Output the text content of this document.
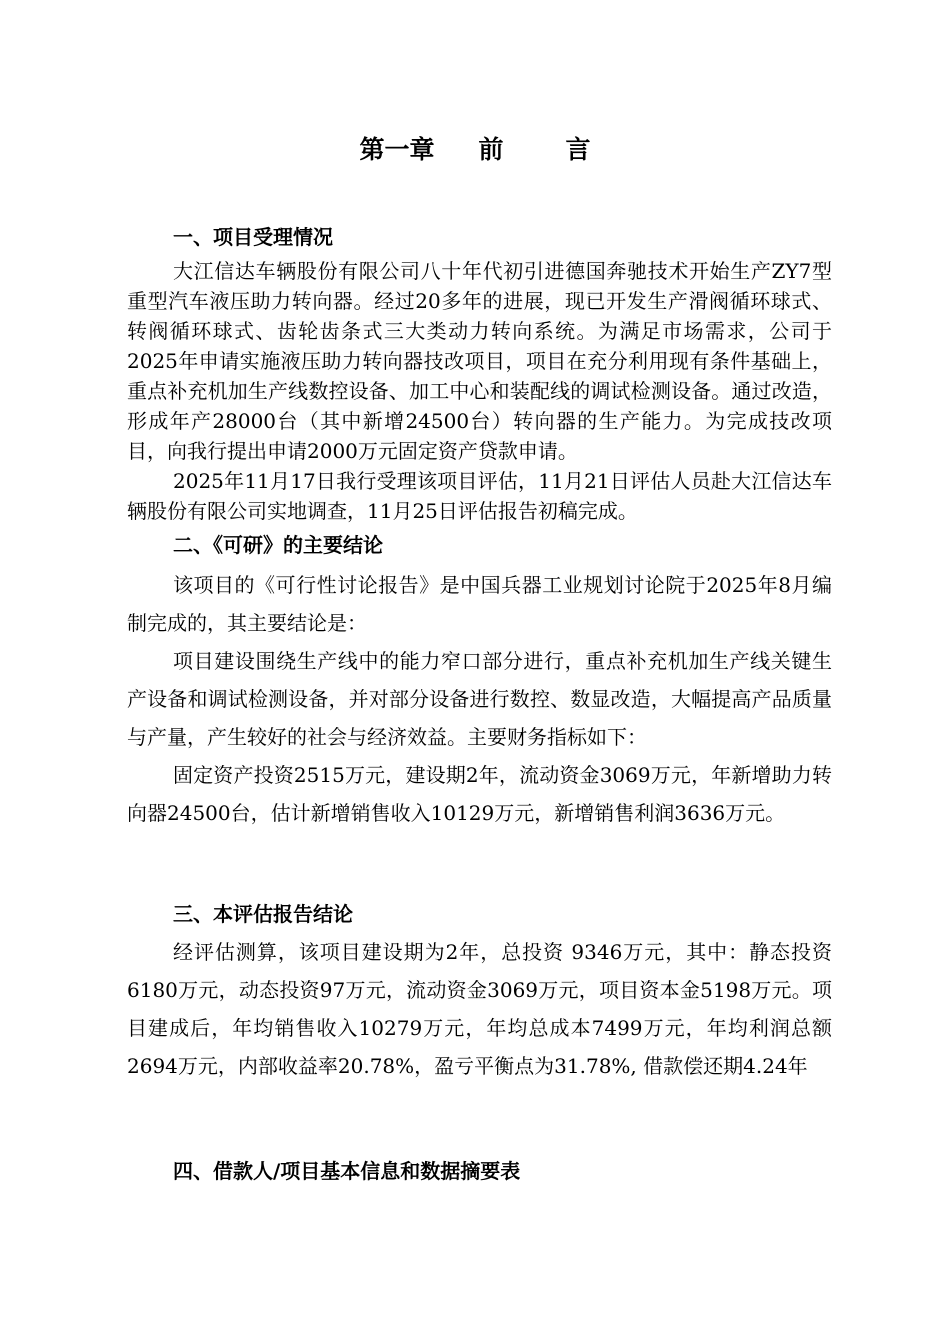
第一章 前 言
一、项目受理情况

大江信达车辆股份有限公司八十年代初引进德国奔驰技术开始生产ZY7型重型汽车液压助力转向器。经过20多年的进展，现已开发生产滑阀循环球式、转阀循环球式、齿轮齿条式三大类动力转向系统。为满足市场需求，公司于2025年申请实施液压助力转向器技改项目，项目在充分利用现有条件基础上，重点补充机加生产线数控设备、加工中心和装配线的调试检测设备。通过改造，形成年产28000台（其中新增24500台）转向器的生产能力。为完成技改项目，向我行提出申请2000万元固定资产贷款申请。

2025年11月17日我行受理该项目评估，11月21日评估人员赴大江信达车辆股份有限公司实地调查，11月25日评估报告初稿完成。

二、《可研》的主要结论

该项目的《可行性讨论报告》是中国兵器工业规划讨论院于2025年8月编制完成的，其主要结论是：

项目建设围绕生产线中的能力窄口部分进行，重点补充机加生产线关键生产设备和调试检测设备，并对部分设备进行数控、数显改造，大幅提高产品质量与产量，产生较好的社会与经济效益。主要财务指标如下：

固定资产投资2515万元，建设期2年，流动资金3069万元，年新增助力转向器24500台，估计新增销售收入10129万元，新增销售利润3636万元。

三、本评估报告结论

经评估测算，该项目建设期为2年，总投资 9346万元，其中：静态投资6180万元，动态投资97万元，流动资金3069万元，项目资本金5198万元。项目建成后，年均销售收入10279万元，年均总成本7499万元，年均利润总额2694万元，内部收益率20.78%，盈亏平衡点为31.78%, 借款偿还期4.24年

四、借款人/项目基本信息和数据摘要表
